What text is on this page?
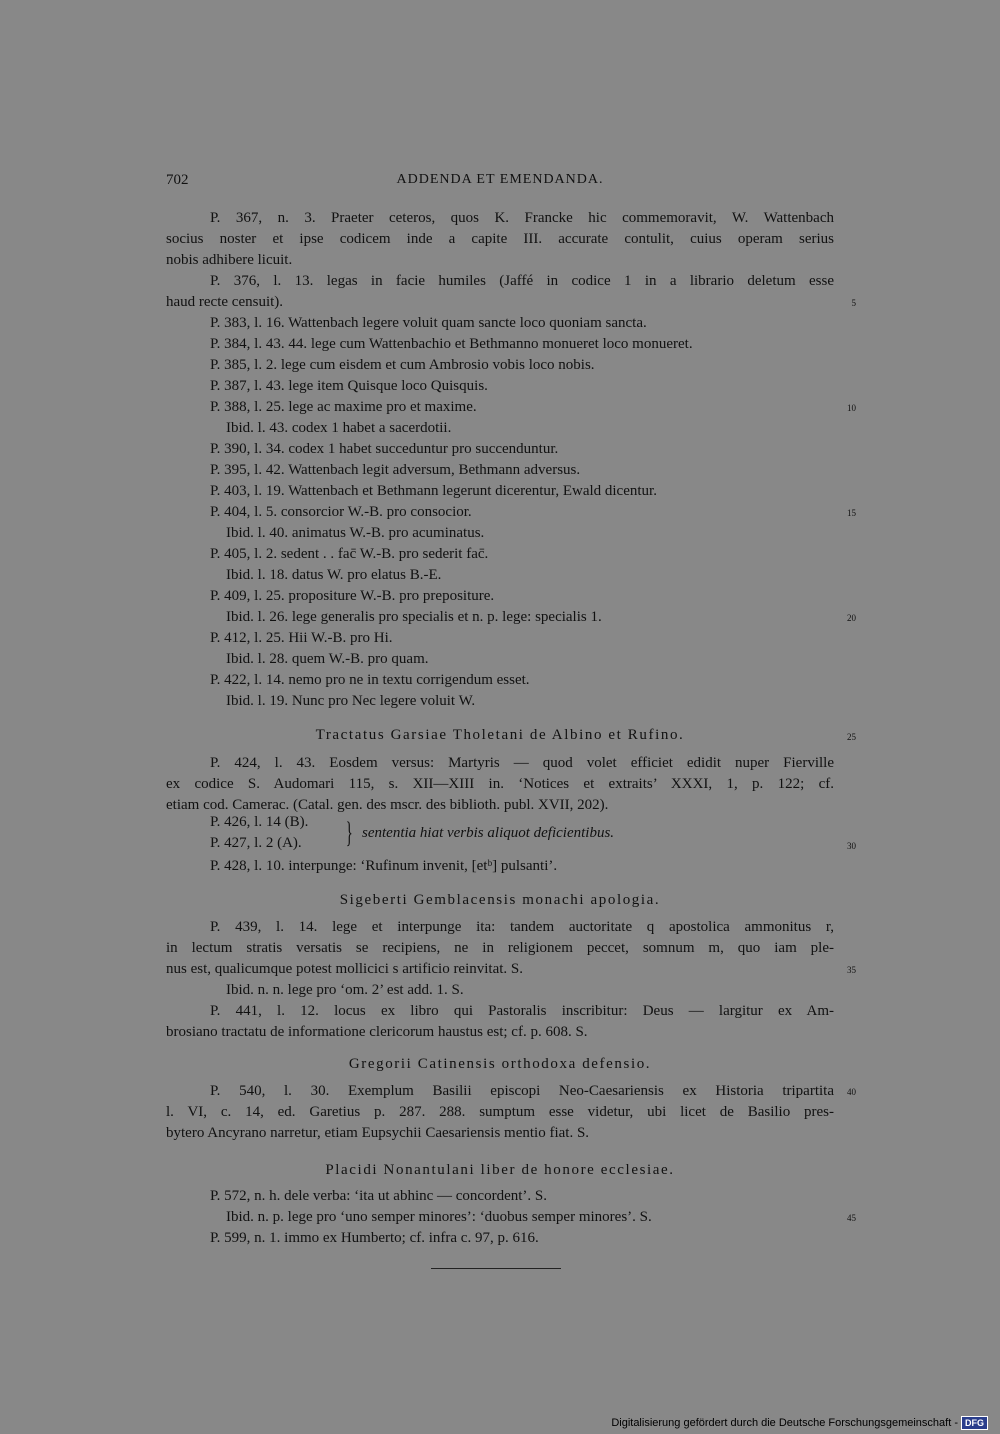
702	ADDENDA ET EMENDANDA.
P. 367, n. 3. Praeter ceteros, quos K. Francke hic commemoravit, W. Wattenbach
socius noster et ipse codicem inde a capite III. accurate contulit, cuius operam serius
nobis adhibere licuit.
P. 376, l. 13. legas in facie humiles (Jaffé in codice 1 in a librario deletum esse
haud recte censuit).
P. 383, l. 16. Wattenbach legere voluit quam sancte loco quoniam sancta.
P. 384, l. 43. 44. lege cum Wattenbachio et Bethmanno monueret loco monueret.
P. 385, l. 2. lege cum eisdem et cum Ambrosio vobis loco nobis.
P. 387, l. 43. lege item Quisque loco Quisquis.
P. 388, l. 25. lege ac maxime pro et maxime.
Ibid. l. 43. codex 1 habet a sacerdotii.
P. 390, l. 34. codex 1 habet succeduntur pro succenduntur.
P. 395, l. 42. Wattenbach legit adversum, Bethmann adversus.
P. 403, l. 19. Wattenbach et Bethmann legerunt dicerentur, Ewald dicentur.
P. 404, l. 5. consorcior W.-B. pro consocior.
Ibid. l. 40. animatus W.-B. pro acuminatus.
P. 405, l. 2. sedent . . fac̄ W.-B. pro sederit fac̄.
Ibid. l. 18. datus W. pro elatus B.-E.
P. 409, l. 25. propositure W.-B. pro prepositure.
Ibid. l. 26. lege generalis pro specialis et n. p. lege: specialis 1.
P. 412, l. 25. Hii W.-B. pro Hi.
Ibid. l. 28. quem W.-B. pro quam.
P. 422, l. 14. nemo pro ne in textu corrigendum esset.
Ibid. l. 19. Nunc pro Nec legere voluit W.
P. 424, l. 43. Eosdem versus: Martyris — quod volet efficiet edidit nuper Fierville
ex codice S. Audomari 115, s. XII—XIII in. ‘Notices et extraits’ XXXI, 1, p. 122; cf.
etiam cod. Camerac. (Catal. gen. des mscr. des biblioth. publ. XVII, 202).
P. 428, l. 10. interpunge: ‘Rufinum invenit, [etᵇ] pulsanti’.
P. 439, l. 14. lege et interpunge ita: tandem auctoritate q apostolica ammonitus r,
in lectum stratis versatis se recipiens, ne in religionem peccet, somnum m, quo iam ple-
nus est, qualicumque potest mollicici s artificio reinvitat. S.
Ibid. n. n. lege pro ‘om. 2’ est add. 1. S.
P. 441, l. 12. locus ex libro qui Pastoralis inscribitur: Deus — largitur ex Am-
brosiano tractatu de informatione clericorum haustus est; cf. p. 608. S.
P. 540, l. 30. Exemplum Basilii episcopi Neo-Caesariensis ex Historia tripartita
l. VI, c. 14, ed. Garetius p. 287. 288. sumptum esse videtur, ubi licet de Basilio pres-
bytero Ancyrano narretur, etiam Eupsychii Caesariensis mentio fiat. S.
P. 572, n. h. dele verba: ‘ita ut abhinc — concordent’. S.
Ibid. n. p. lege pro ‘uno semper minores’: ‘duobus semper minores’. S.
P. 599, n. 1. immo ex Humberto; cf. infra c. 97, p. 616.
Tractatus Garsiae Tholetani de Albino et Rufino.
Sigeberti Gemblacensis monachi apologia.
Gregorii Catinensis orthodoxa defensio.
Placidi Nonantulani liber de honore ecclesiae.
5
10
15
20
25
30
35
40
45
P. 426, l. 14 (B).
P. 427, l. 2 (A). } sententia hiat verbis aliquot deficientibus.
Digitalisierung gefördert durch die Deutsche Forschungsgemeinschaft - DFG
